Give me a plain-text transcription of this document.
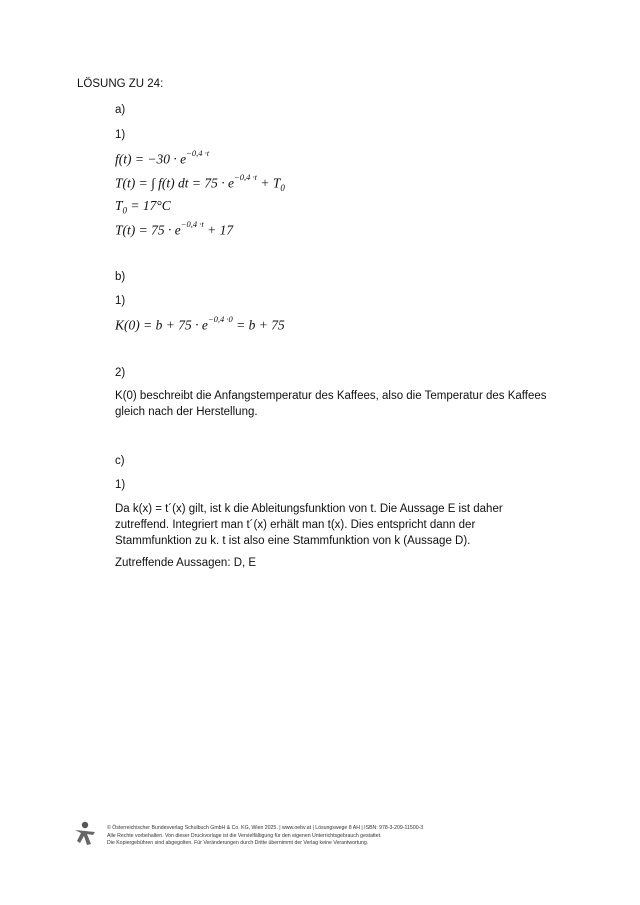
LÖSUNG ZU 24:
a)
1)
$f(t) = -30 \cdot e^{-0,4 \cdot t}$
T(t) = ∫ f(t) dt = $75 \cdot e^{-0,4 \cdot t} + T_0$
$T_0 = 17^\circ C$
$T(t) = 75 \cdot e^{-0,4 \cdot t} + 17$
b)
1)
$K(0) = b + 75 \cdot e^{-0,4 \cdot 0} = b + 75$
2)
K(0) beschreibt die Anfangstemperatur des Kaffees, also die Temperatur des Kaffees gleich nach der Herstellung.
c)
1)
Da k(x) = t´(x) gilt, ist k die Ableitungsfunktion von t. Die Aussage E ist daher zutreffend. Integriert man t´(x) erhält man t(x). Dies entspricht dann der Stammfunktion zu k. t ist also eine Stammfunktion von k (Aussage D).
Zutreffende Aussagen: D, E
© Österreichischer Bundesverlag Schulbuch GmbH & Co. KG, Wien 2025. | www.oebv.at | Lösungswege 8 AH | ISBN: 978-3-209-11500-3
Alle Rechte vorbehalten. Von dieser Druckvorlage ist die Vervielfältigung für den eigenen Unterrichtsgebrauch gestattet.
Die Kopiergebühren sind abgegolten. Für Veränderungen durch Dritte übernimmt der Verlag keine Verantwortung.
